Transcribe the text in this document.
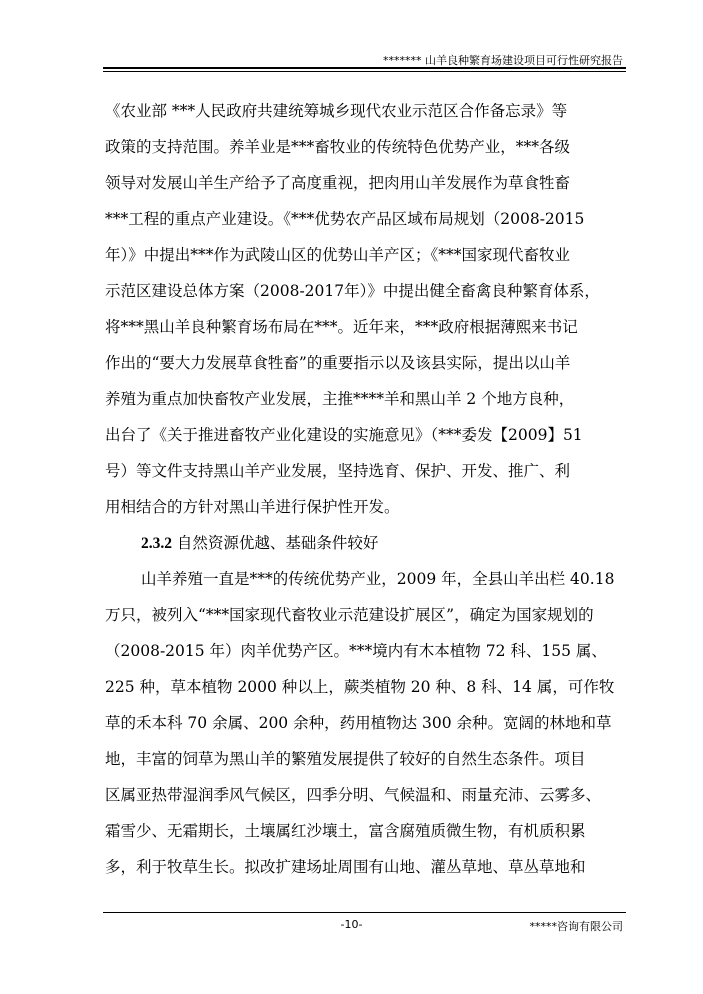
******* 山羊良种繁育场建设项目可行性研究报告
《农业部 ***人民政府共建统筹城乡现代农业示范区合作备忘录》等
政策的支持范围。养羊业是***畜牧业的传统特色优势产业，***各级
领导对发展山羊生产给予了高度重视，把肉用山羊发展作为草食牲畜
***工程的重点产业建设。《***优势农产品区域布局规划（2008-2015
年）》中提出***作为武陵山区的优势山羊产区；《***国家现代畜牧业
示范区建设总体方案（2008-2017年）》中提出健全畜禽良种繁育体系，
将***黑山羊良种繁育场布局在***。近年来，***政府根据薄熙来书记
作出的“要大力发展草食牲畜”的重要指示以及该县实际，提出以山羊
养殖为重点加快畜牧产业发展，主推****羊和黑山羊 2 个地方良种，
出台了《关于推进畜牧产业化建设的实施意见》（***委发【2009】51
号）等文件支持黑山羊产业发展，坚持选育、保护、开发、推广、利
用相结合的方针对黑山羊进行保护性开发。
2.3.2 自然资源优越、基础条件较好
山羊养殖一直是***的传统优势产业，2009 年，全县山羊出栏 40.18
万只，被列入“***国家现代畜牧业示范建设扩展区”，确定为国家规划的
（2008-2015 年）肉羊优势产区。***境内有木本植物 72 科、155 属、
225 种，草本植物 2000 种以上，蕨类植物 20 种、8 科、14 属，可作牧
草的禾本科 70 余属、200 余种，药用植物达 300 余种。宽阔的林地和草
地，丰富的饲草为黑山羊的繁殖发展提供了较好的自然生态条件。项目
区属亚热带湿润季风气候区，四季分明、气候温和、雨量充沛、云雾多、
霜雪少、无霜期长，土壤属红沙壤土，富含腐殖质微生物，有机质积累
多，利于牧草生长。拟改扩建场址周围有山地、灌丛草地、草丛草地和
-10-	*****咨询有限公司
